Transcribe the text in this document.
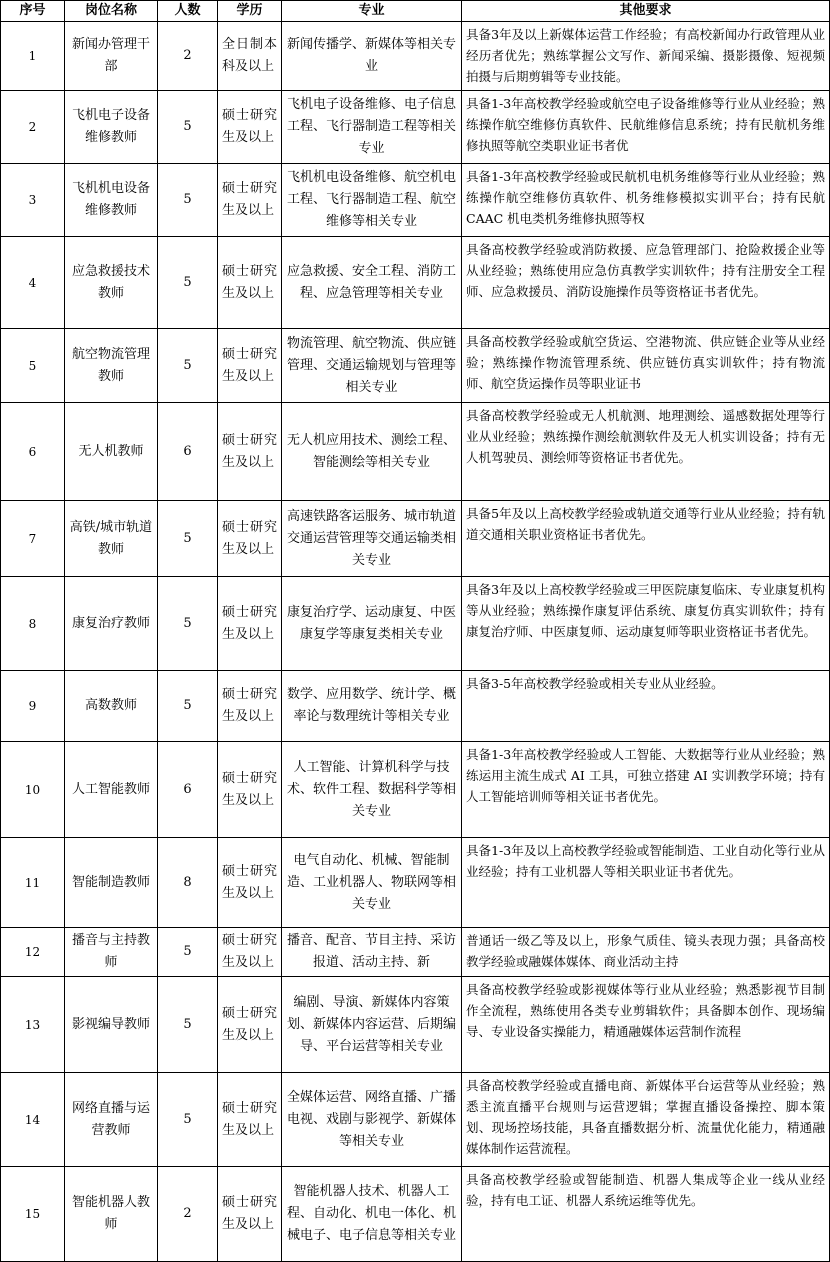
序号	岗位名称	人数	学历	专业	其他要求
1	新闻办管理干部	2	全日制本科及以上	新闻传播学、新媒体等相关专业	具备3年及以上新媒体运营工作经验；有高校新闻办行政管理从业经历者优先；熟练掌握公文写作、新闻采编、摄影摄像、短视频拍摄与后期剪辑等专业技能。
2	飞机电子设备维修教师	5	硕士研究生及以上	飞机电子设备维修、电子信息工程、飞行器制造工程等相关专业	具备1-3年高校教学经验或航空电子设备维修等行业从业经验；熟练操作航空维修仿真软件、民航维修信息系统；持有民航机务维修执照等航空类职业证书者优
3	飞机机电设备维修教师	5	硕士研究生及以上	飞机机电设备维修、航空机电工程、飞行器制造工程、航空维修等相关专业	具备1-3年高校教学经验或民航机电机务维修等行业从业经验；熟练操作航空维修仿真软件、机务维修模拟实训平台；持有民航 CAAC 机电类机务维修执照等权
4	应急救援技术教师	5	硕士研究生及以上	应急救援、安全工程、消防工程、应急管理等相关专业	具备高校教学经验或消防救援、应急管理部门、抢险救援企业等从业经验；熟练使用应急仿真教学实训软件；持有注册安全工程师、应急救援员、消防设施操作员等资格证书者优先。
5	航空物流管理教师	5	硕士研究生及以上	物流管理、航空物流、供应链管理、交通运输规划与管理等相关专业	具备高校教学经验或航空货运、空港物流、供应链企业等从业经验；熟练操作物流管理系统、供应链仿真实训软件；持有物流师、航空货运操作员等职业证书
6	无人机教师	6	硕士研究生及以上	无人机应用技术、测绘工程、智能测绘等相关专业	具备高校教学经验或无人机航测、地理测绘、遥感数据处理等行业从业经验；熟练操作测绘航测软件及无人机实训设备；持有无人机驾驶员、测绘师等资格证书者优先。
7	高铁/城市轨道教师	5	硕士研究生及以上	高速铁路客运服务、城市轨道交通运营管理等交通运输类相关专业	具备5年及以上高校教学经验或轨道交通等行业从业经验；持有轨道交通相关职业资格证书者优先。
8	康复治疗教师	5	硕士研究生及以上	康复治疗学、运动康复、中医康复学等康复类相关专业	具备3年及以上高校教学经验或三甲医院康复临床、专业康复机构等从业经验；熟练操作康复评估系统、康复仿真实训软件；持有康复治疗师、中医康复师、运动康复师等职业资格证书者优先。
9	高数教师	5	硕士研究生及以上	数学、应用数学、统计学、概率论与数理统计等相关专业	具备3-5年高校教学经验或相关专业从业经验。
10	人工智能教师	6	硕士研究生及以上	人工智能、计算机科学与技术、软件工程、数据科学等相关专业	具备1-3年高校教学经验或人工智能、大数据等行业从业经验；熟练运用主流生成式 AI 工具，可独立搭建 AI 实训教学环境；持有人工智能培训师等相关证书者优先。
11	智能制造教师	8	硕士研究生及以上	电气自动化、机械、智能制造、工业机器人、物联网等相关专业	具备1-3年及以上高校教学经验或智能制造、工业自动化等行业从业经验；持有工业机器人等相关职业证书者优先。
12	播音与主持教师	5	硕士研究生及以上	播音、配音、节目主持、采访报道、活动主持、新	普通话一级乙等及以上，形象气质佳、镜头表现力强；具备高校教学经验或融媒体媒体、商业活动主持
13	影视编导教师	5	硕士研究生及以上	编剧、导演、新媒体内容策划、新媒体内容运营、后期编导、平台运营等相关专业	具备高校教学经验或影视媒体等行业从业经验；熟悉影视节目制作全流程，熟练使用各类专业剪辑软件；具备脚本创作、现场编导、专业设备实操能力，精通融媒体运营制作流程
14	网络直播与运营教师	5	硕士研究生及以上	全媒体运营、网络直播、广播电视、戏剧与影视学、新媒体等相关专业	具备高校教学经验或直播电商、新媒体平台运营等从业经验；熟悉主流直播平台规则与运营逻辑；掌握直播设备操控、脚本策划、现场控场技能，具备直播数据分析、流量优化能力，精通融媒体制作运营流程。
15	智能机器人教师	2	硕士研究生及以上	智能机器人技术、机器人工程、自动化、机电一体化、机械电子、电子信息等相关专业	具备高校教学经验或智能制造、机器人集成等企业一线从业经验，持有电工证、机器人系统运维等优先。
